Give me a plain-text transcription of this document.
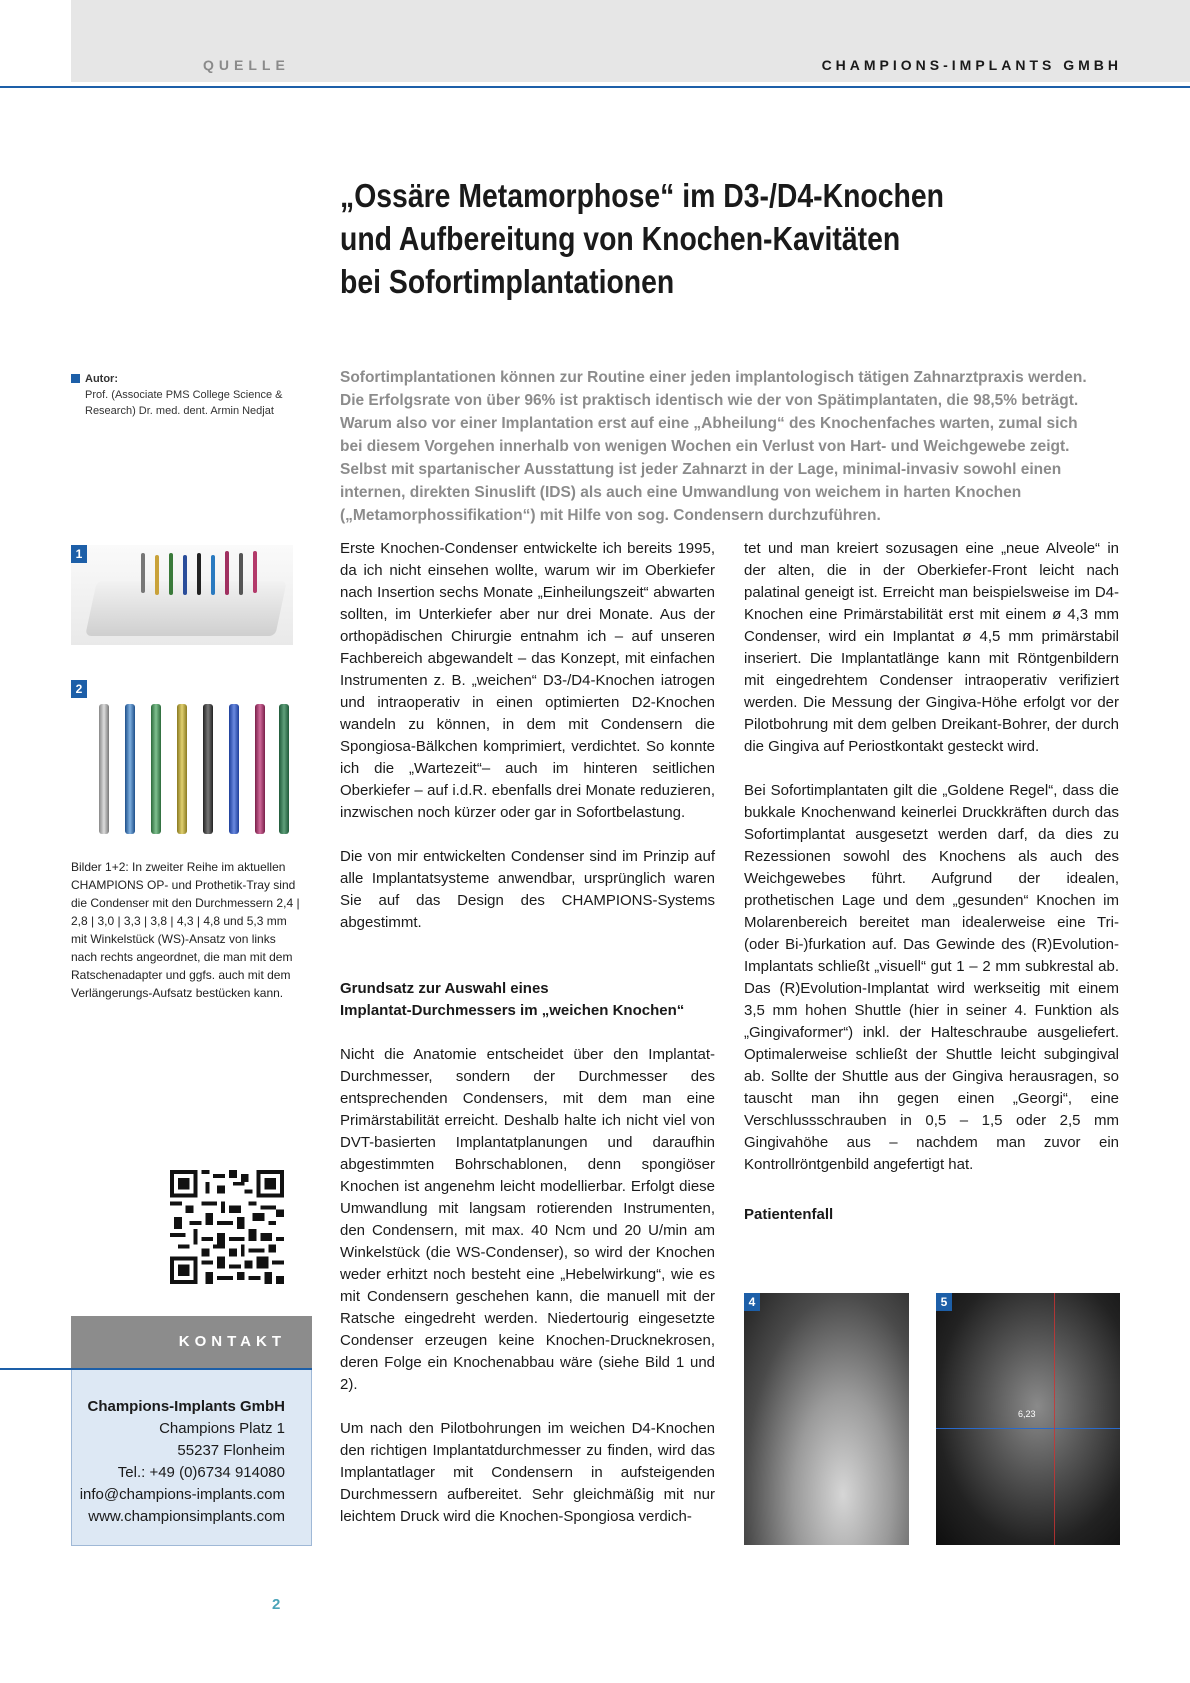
QUELLE	CHAMPIONS-IMPLANTS GMBH
„Ossäre Metamorphose“ im D3-/D4-Knochen
und Aufbereitung von Knochen-Kavitäten
bei Sofortimplantationen
Autor:
Prof. (Associate PMS College Science & Research) Dr. med. dent. Armin Nedjat
Sofortimplantationen können zur Routine einer jeden implantologisch tätigen Zahnarztpraxis werden. Die Erfolgsrate von über 96% ist praktisch identisch wie der von Spätimplantaten, die 98,5% beträgt. Warum also vor einer Implantation erst auf eine „Abheilung“ des Knochenfaches warten, zumal sich bei diesem Vorgehen innerhalb von wenigen Wochen ein Verlust von Hart- und Weichgewebe zeigt. Selbst mit spartanischer Ausstattung ist jeder Zahnarzt in der Lage, minimal-invasiv sowohl einen internen, direkten Sinuslift (IDS) als auch eine Umwandlung von weichem in harten Knochen („Metamorphossifikation“) mit Hilfe von sog. Condensern durchzuführen.
1
2
Bilder 1+2: In zweiter Reihe im aktuellen CHAMPIONS OP- und Prothetik-Tray sind die Condenser mit den Durchmessern 2,4 | 2,8 | 3,0 | 3,3 | 3,8 | 4,3 | 4,8 und 5,3 mm mit Winkelstück (WS)-Ansatz von links nach rechts angeordnet, die man mit dem Ratschenadapter und ggfs. auch mit dem Verlängerungs-Aufsatz bestücken kann.
KONTAKT
Champions-Implants GmbH
Champions Platz 1
55237 Flonheim
Tel.: +49 (0)6734 914080
info@champions-implants.com
www.championsimplants.com

Erste Knochen-Condenser entwickelte ich bereits 1995, da ich nicht einsehen wollte, warum wir im Oberkiefer nach Insertion sechs Monate „Einheilungszeit“ abwarten sollten, im Unterkiefer aber nur drei Monate. Aus der orthopädischen Chirurgie entnahm ich – auf unseren Fachbereich abgewandelt – das Konzept, mit einfachen Instrumenten z. B. „weichen“ D3-/D4-Knochen iatrogen und intraoperativ in einen optimierten D2-Knochen wandeln zu können, in dem mit Condensern die Spongiosa-Bälkchen komprimiert, verdichtet. So konnte ich die „Wartezeit“– auch im hinteren seitlichen Oberkiefer – auf i.d.R. ebenfalls drei Monate reduzieren, inzwischen noch kürzer oder gar in Sofortbelastung.

Die von mir entwickelten Condenser sind im Prinzip auf alle Implantatsysteme anwendbar, ursprünglich waren Sie auf das Design des CHAMPIONS-Systems abgestimmt.

Grundsatz zur Auswahl eines
Implantat-Durchmessers im „weichen Knochen“

Nicht die Anatomie entscheidet über den Implantat-Durchmesser, sondern der Durchmesser des entsprechenden Condensers, mit dem man eine Primärstabilität erreicht. Deshalb halte ich nicht viel von DVT-basierten Implantatplanungen und daraufhin abgestimmten Bohrschablonen, denn spongiöser Knochen ist angenehm leicht modellierbar. Erfolgt diese Umwandlung mit langsam rotierenden Instrumenten, den Condensern, mit max. 40 Ncm und 20 U/min am Winkelstück (die WS-Condenser), so wird der Knochen weder erhitzt noch besteht eine „Hebelwirkung“, wie es mit Condensern geschehen kann, die manuell mit der Ratsche eingedreht werden. Niedertourig eingesetzte Condenser erzeugen keine Knochen-Drucknekrosen, deren Folge ein Knochenabbau wäre (siehe Bild 1 und 2).

Um nach den Pilotbohrungen im weichen D4-Knochen den richtigen Implantatdurchmesser zu finden, wird das Implantatlager mit Condensern in aufsteigenden Durchmessern aufbereitet. Sehr gleichmäßig mit nur leichtem Druck wird die Knochen-Spongiosa verdich-

tet und man kreiert sozusagen eine „neue Alveole“ in der alten, die in der Oberkiefer-Front leicht nach palatinal geneigt ist. Erreicht man beispielsweise im D4-Knochen eine Primärstabilität erst mit einem ø 4,3 mm Condenser, wird ein Implantat ø 4,5 mm primärstabil inseriert. Die Implantatlänge kann mit Röntgenbildern mit eingedrehtem Condenser intraoperativ verifiziert werden. Die Messung der Gingiva-Höhe erfolgt vor der Pilotbohrung mit dem gelben Dreikant-Bohrer, der durch die Gingiva auf Periostkontakt gesteckt wird.

Bei Sofortimplantaten gilt die „Goldene Regel“, dass die bukkale Knochenwand keinerlei Druckkräften durch das Sofortimplantat ausgesetzt werden darf, da dies zu Rezessionen sowohl des Knochens als auch des Weichgewebes führt. Aufgrund der idealen, prothetischen Lage und dem „gesunden“ Knochen im Molarenbereich bereitet man idealerweise eine Tri- (oder Bi-)furkation auf. Das Gewinde des (R)Evolution-Implantats schließt „visuell“ gut 1 – 2 mm subkrestal ab. Das (R)Evolution-Implantat wird werkseitig mit einem 3,5 mm hohen Shuttle (hier in seiner 4. Funktion als „Gingivaformer“) inkl. der Halteschraube ausgeliefert. Optimalerweise schließt der Shuttle leicht subgingival ab. Sollte der Shuttle aus der Gingiva herausragen, so tauscht man ihn gegen einen „Georgi“, eine Verschlussschrauben in 0,5 – 1,5 oder 2,5 mm Gingivahöhe aus – nachdem man zuvor ein Kontrollröntgenbild angefertigt hat.

Patientenfall
4	5
6,23
2
